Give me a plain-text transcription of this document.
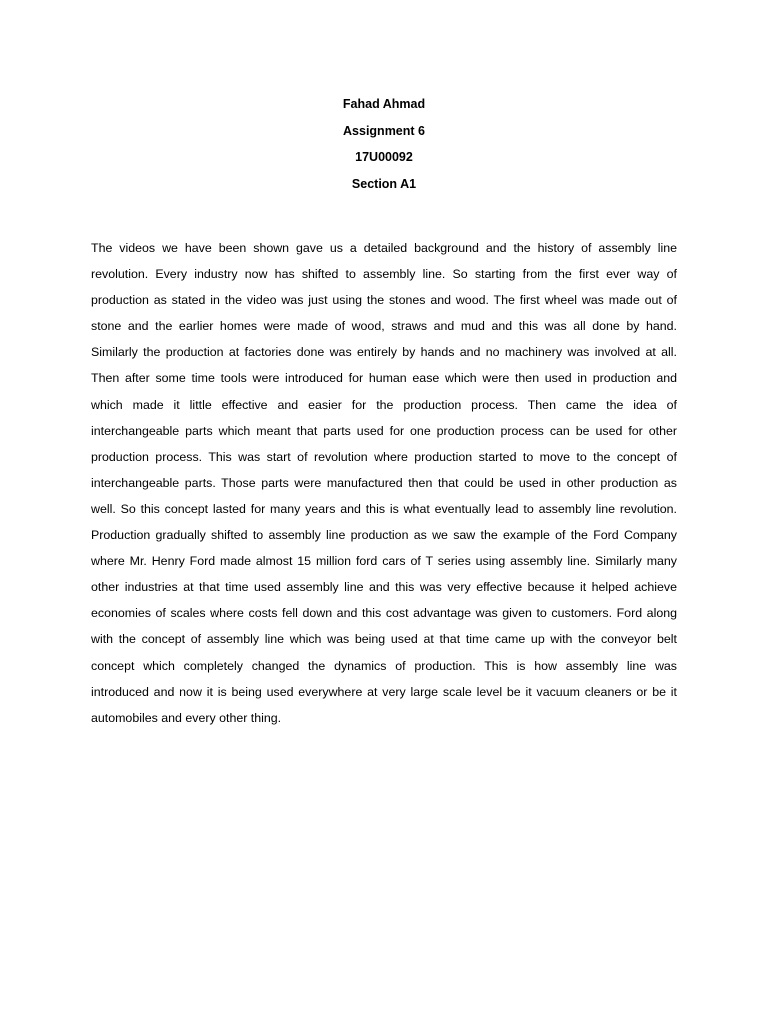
Fahad Ahmad
Assignment 6
17U00092
Section A1
The videos we have been shown gave us a detailed background and the history of assembly line
revolution. Every industry now has shifted to assembly line. So starting from the first ever way of
production as stated in the video was just using the stones and wood. The first wheel was made out of
stone and the earlier homes were made of wood, straws and mud and this was all done by hand.
Similarly the production at factories done was entirely by hands and no machinery was involved at all.
Then after some time tools were introduced for human ease which were then used in production and
which made it little effective and easier for the production process. Then came the idea of
interchangeable parts which meant that parts used for one production process can be used for other
production process. This was start of revolution where production started to move to the concept of
interchangeable parts. Those parts were manufactured then that could be used in other production as
well. So this concept lasted for many years and this is what eventually lead to assembly line revolution.
Production gradually shifted to assembly line production as we saw the example of the Ford Company
where Mr. Henry Ford made almost 15 million ford cars of T series using assembly line. Similarly many
other industries at that time used assembly line and this was very effective because it helped achieve
economies of scales where costs fell down and this cost advantage was given to customers. Ford along
with the concept of assembly line which was being used at that time came up with the conveyor belt
concept which completely changed the dynamics of production. This is how assembly line was
introduced and now it is being used everywhere at very large scale level be it vacuum cleaners or be it
automobiles and every other thing.
